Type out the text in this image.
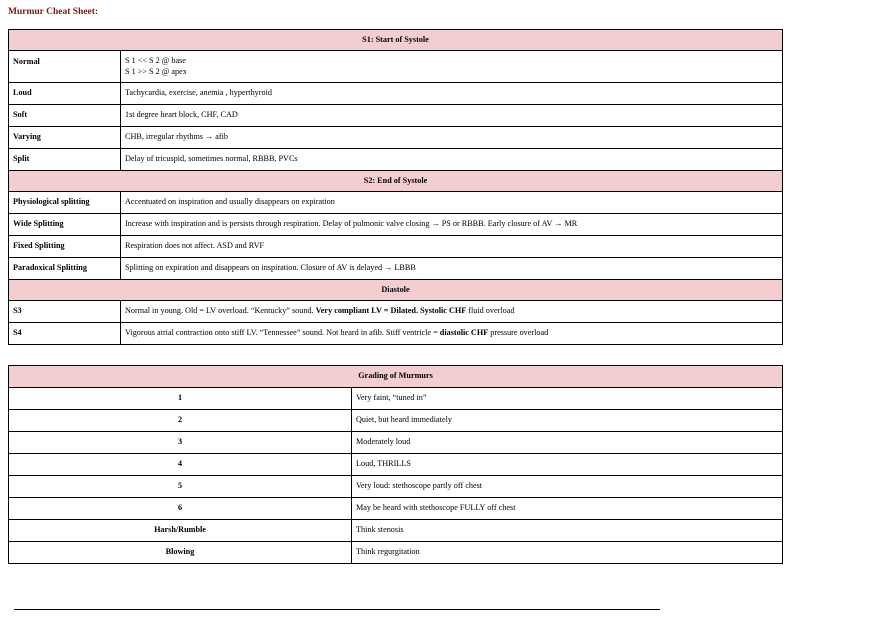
Murmur Cheat Sheet:
S1: Start of Systole	
Normal	S 1 << S 2 @ base
S 1 >> S 2 @ apex

Loud	Tachycardia, exercise, anemia , hyperthyroid
Soft	1st degree heart block, CHF, CAD
Varying	CHB, irregular rhythms → afib
Split	Delay of tricuspid, sometimes normal, RBBB, PVCs
S2: End of Systole	
Physiological splitting	Accentuated on inspiration and usually disappears on expiration
Wide Splitting	Increase with inspiration and is persists through respiration. Delay of pulmonic valve closing → PS or RBBB. Early closure of AV → MR
Fixed Splitting	Respiration does not affect. ASD and RVF
Paradoxical Splitting	Splitting on expiration and disappears on inspiration. Closure of AV is delayed → LBBB
Diastole	
S3	Normal in young. Old = LV overload. “Kentucky” sound. Very compliant LV = Dilated. Systolic CHF fluid overload
S4	Vigorous atrial contraction onto stiff LV. “Tennessee” sound. Not heard in afib. Stiff ventricle = diastolic CHF pressure overload
Grading of Murmurs	
1	Very faint, “tuned in”
2	Quiet, but heard immediately
3	Moderately loud
4	Loud, THRILLS
5	Very loud: stethoscope partly off chest
6	May be heard with stethoscope FULLY off chest
Harsh/Rumble	Think stenosis
Blowing	Think regurgitation
